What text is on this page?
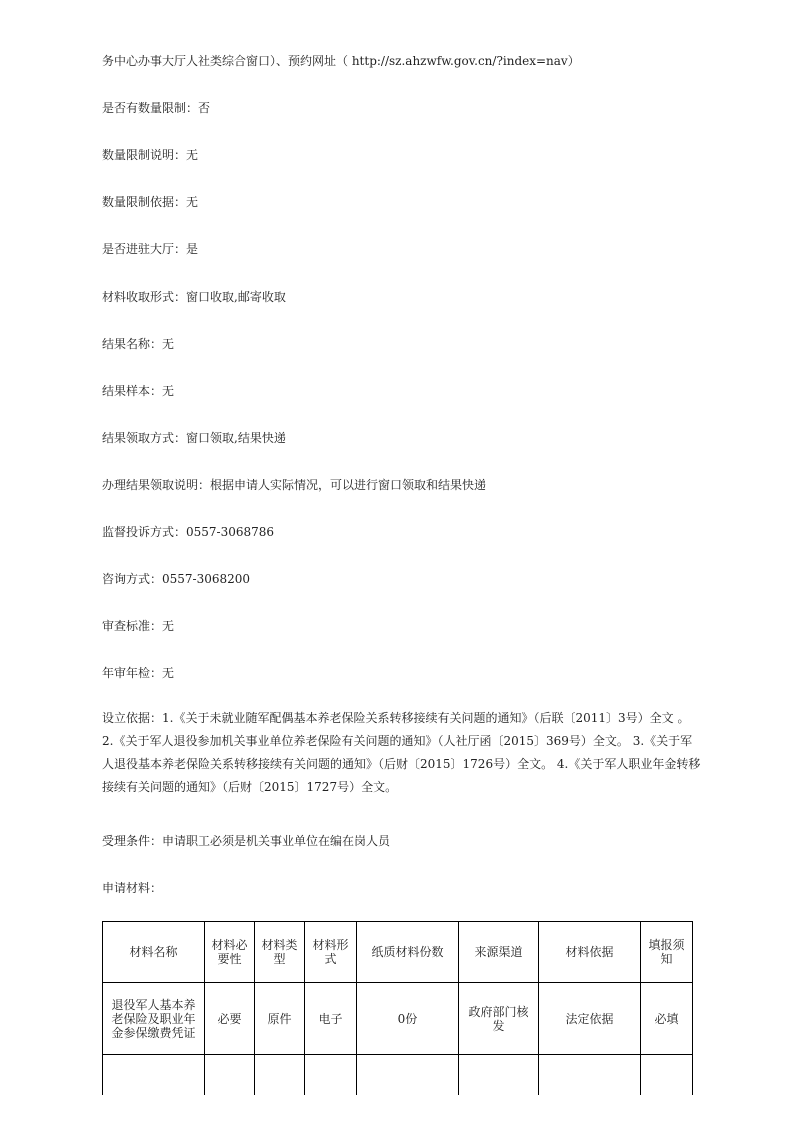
务中心办事大厅人社类综合窗口）、预约网址（ http://sz.ahzwfw.gov.cn/?index=nav）
是否有数量限制：否
数量限制说明：无
数量限制依据：无
是否进驻大厅：是
材料收取形式：窗口收取,邮寄收取
结果名称：无
结果样本：无
结果领取方式：窗口领取,结果快递
办理结果领取说明：根据申请人实际情况，可以进行窗口领取和结果快递
监督投诉方式：0557-3068786
咨询方式：0557-3068200
审查标准：无
年审年检：无
设立依据：1.《关于未就业随军配偶基本养老保险关系转移接续有关问题的通知》（后联〔2011〕3号）全文 。 2.《关于军人退役参加机关事业单位养老保险有关问题的通知》（人社厅函〔2015〕369号）全文。 3.《关于军人退役基本养老保险关系转移接续有关问题的通知》（后财〔2015〕1726号）全文。 4.《关于军人职业年金转移接续有关问题的通知》（后财〔2015〕1727号）全文。
受理条件：申请职工必须是机关事业单位在编在岗人员
申请材料：
材料名称	材料必要性	材料类型	材料形式	纸质材料份数	来源渠道	材料依据	填报须知
退役军人基本养老保险及职业年金参保缴费凭证	必要	原件	电子	0份	政府部门核发	法定依据	必填
